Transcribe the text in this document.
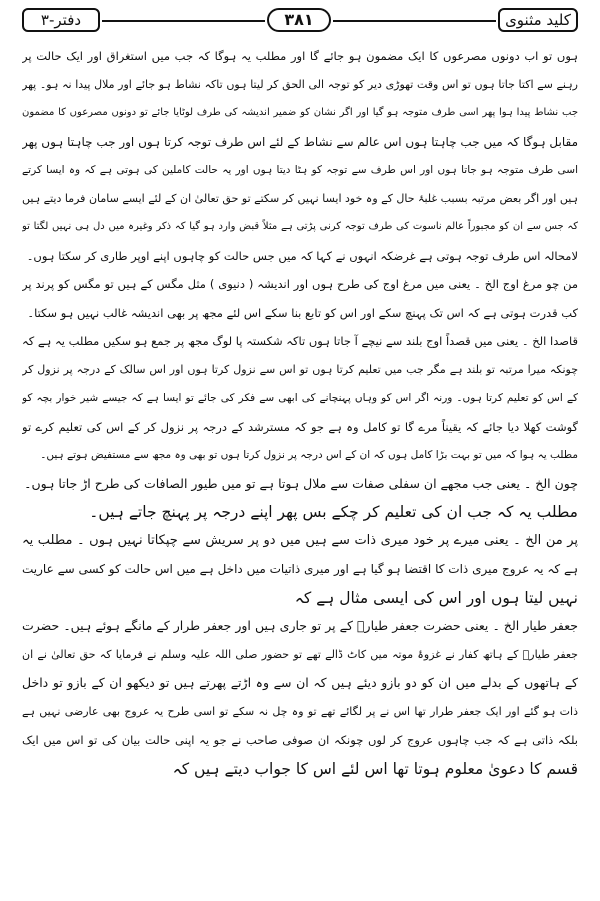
دفتر-٣	۳۸۱	کلید مثنوی
ہوں تو اب دونوں مصرعوں کا ایک مضمون ہو جائے گا اور مطلب یہ ہوگا کہ جب میں استغراق اور ایک حالت پر
رہنے سے اکتا جاتا ہوں تو اس وقت تھوڑی دیر کو توجہ الی الحق کر لیتا ہوں تاکہ نشاط ہو جائے اور ملال پیدا نہ ہو۔ پھر
جب نشاط پیدا ہوا پھر اسی طرف متوجہ ہو گیا اور اگر نشان کو ضمیر اندیشہ کی طرف لوٹایا جائے تو دونوں مصرعوں کا مضمون
مقابل ہوگا کہ میں جب چاہتا ہوں اس عالم سے نشاط کے لئے اس طرف توجہ کرتا ہوں اور جب چاہتا ہوں پھر
اسی طرف متوجہ ہو جاتا ہوں اور اس طرف سے توجہ کو ہٹا دیتا ہوں اور یہ حالت کاملین کی ہوتی ہے کہ وہ ایسا کرتے
ہیں اور اگر بعض مرتبہ بسبب غلبۂ حال کے وہ خود ایسا نہیں کر سکتے تو حق تعالیٰ ان کے لئے ایسے سامان فرما دیتے ہیں
کہ جس سے ان کو مجبوراً عالم ناسوت کی طرف توجہ کرنی پڑتی ہے مثلاً قبض وارد ہو گیا کہ ذکر وغیرہ میں دل ہی نہیں لگتا تو
لامحالہ اس طرف توجہ ہوتی ہے غرضکہ انہوں نے کہا کہ میں جس حالت کو چاہوں اپنے اوپر طاری کر سکتا ہوں۔
من چو مرغ اوج الخ ۔ یعنی میں مرغ اوج کی طرح ہوں اور اندیشہ ( دنیوی ) مثل مگس کے ہیں تو مگس کو پرند پر
کب قدرت ہوتی ہے کہ اس تک پہنچ سکے اور اس کو تابع بنا سکے اس لئے مجھ پر بھی اندیشہ غالب نہیں ہو سکتا۔
قاصدا الخ ۔ یعنی میں قصداً اوج بلند سے نیچے آ جاتا ہوں تاکہ شکستہ پا لوگ مجھ پر جمع ہو سکیں مطلب یہ ہے کہ
چونکہ میرا مرتبہ تو بلند ہے مگر جب میں تعلیم کرتا ہوں تو اس سے نزول کرتا ہوں اور اس سالک کے درجہ پر نزول کر
کے اس کو تعلیم کرتا ہوں۔ ورنہ اگر اس کو وہاں پہنچانے کی ابھی سے فکر کی جائے تو ایسا ہے کہ جیسے شیر خوار بچہ کو
گوشت کھلا دیا جائے کہ یقیناً مرے گا تو کامل وہ ہے جو کہ مسترشد کے درجہ پر نزول کر کے اس کی تعلیم کرے تو
مطلب یہ ہوا کہ میں تو بہت بڑا کامل ہوں کہ ان کے اس درجہ پر نزول کرتا ہوں تو بھی وہ مجھ سے مستفیض ہوتے ہیں۔
چون الخ ۔ یعنی جب مجھے ان سفلی صفات سے ملال ہوتا ہے تو میں طیور الصافات کی طرح اڑ جاتا ہوں۔
مطلب یہ کہ جب ان کی تعلیم کر چکے بس پھر اپنے درجہ پر پہنچ جاتے ہیں۔
پر من الخ ۔ یعنی میرے پر خود میری ذات سے ہیں میں دو پر سریش سے چپکاتا نہیں ہوں ۔ مطلب یہ
ہے کہ یہ عروج میری ذات کا اقتضا ہو گیا ہے اور میری ذاتیات میں داخل ہے میں اس حالت کو کسی سے عاریت
نہیں لیتا ہوں اور اس کی ایسی مثال ہے کہ
جعفر طیار الخ ۔ یعنی حضرت جعفر طیارؓ کے پر تو جاری ہیں اور جعفر طرار کے مانگے ہوئے ہیں۔ حضرت
جعفر طیارؓ کے ہاتھ کفار نے غزوۂ موتہ میں کاٹ ڈالے تھے تو حضور صلی اللہ علیہ وسلم نے فرمایا کہ حق تعالیٰ نے ان
کے ہاتھوں کے بدلے میں ان کو دو بازو دیئے ہیں کہ ان سے وہ اڑتے پھرتے ہیں تو دیکھو ان کے بازو تو داخل
ذات ہو گئے اور ایک جعفر طرار تھا اس نے پر لگائے تھے تو وہ چل نہ سکے تو اسی طرح یہ عروج بھی عارضی نہیں ہے
بلکہ ذاتی ہے کہ جب چاہوں عروج کر لوں چونکہ ان صوفی صاحب نے جو یہ اپنی حالت بیان کی تو اس میں ایک
قسم کا دعویٰ معلوم ہوتا تھا اس لئے اس کا جواب دیتے ہیں کہ
